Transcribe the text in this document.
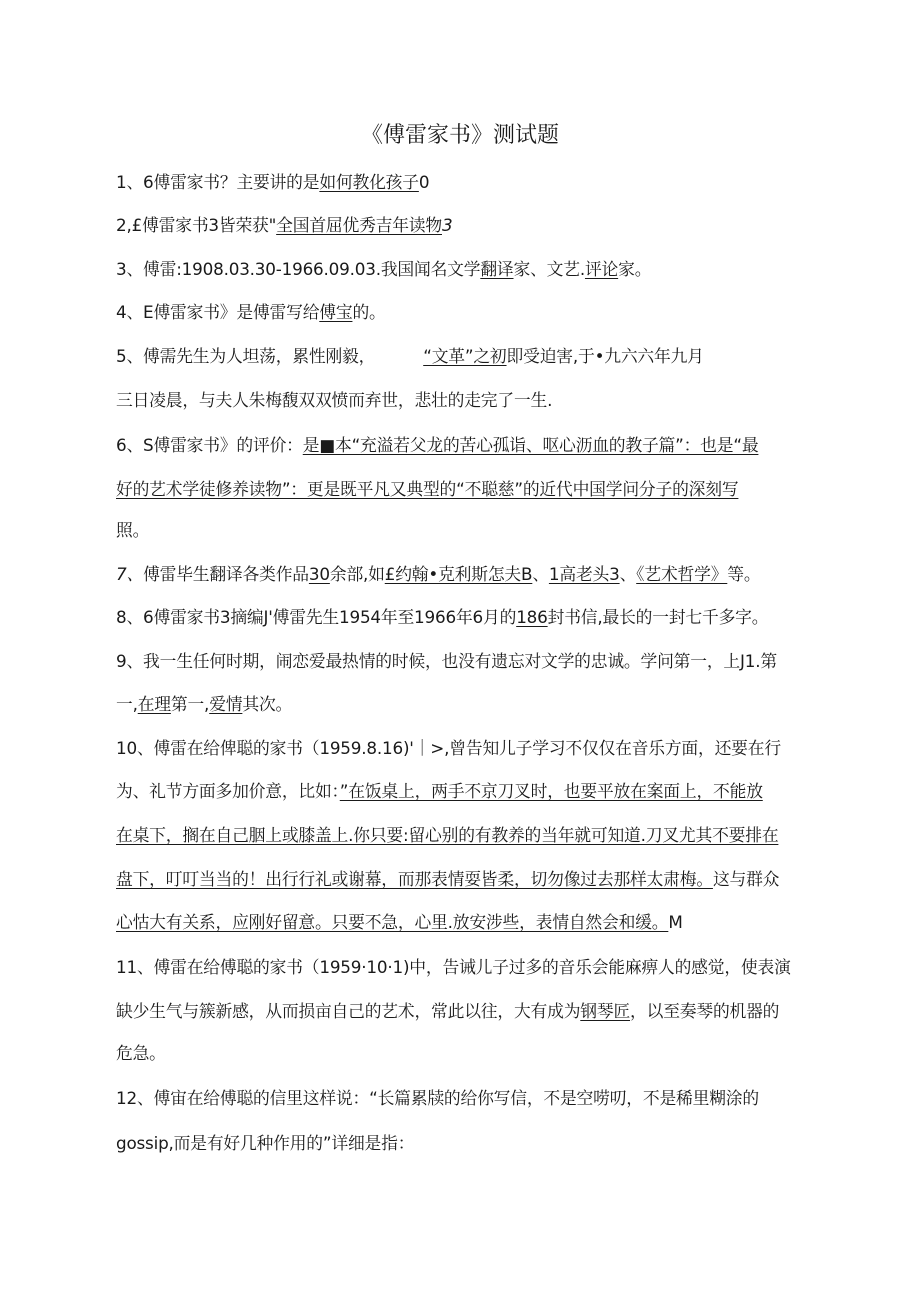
《傅雷家书》测试题
1、6傅雷家书？主要讲的是如何教化孩子0
2,£傅雷家书3皆荣获"全国首屈优秀吉年读物3
3、傅雷:1908.03.30-1966.09.03.我国闻名文学翻译家、文艺.评论家。
4、E傅雷家书》是傅雷写给傅宝的。
5、傅需先生为人坦荡，累性刚毅，	“文革”之初即受迫害,于•九六六年九月
三日凌晨，与夫人朱梅馥双双愤而弃世，悲壮的走完了一生.
6、S傅雷家书》的评价：是■本“充溢若父龙的苦心孤诣、呕心沥血的教子篇”：也是“最
好的艺术学徒修养读物”：更是既平凡又典型的“不聪慈”的近代中国学问分子的深刻写
照。
7、傅雷毕生翻译各类作品30余部,如£约翰•克利斯怎夫B、1高老头3、《艺术哲学》等。
8、6傅雷家书3摘编J'傅雷先生1954年至1966年6月的186封书信,最长的一封七千多字。
9、我一生任何时期，闹恋爱最热情的时候，也没有遗忘对文学的忠诚。学问第一，上J1.第
一,在理第一,爱情其次。
10、傅雷在给俾聪的家书（1959.8.16)'｜>,曾告知儿子学习不仅仅在音乐方面，还要在行
为、礼节方面多加价意，比如：”在饭桌上，两手不京刀叉时，也要平放在案面上，不能放
在桌下，搁在自己胭上或膝盖上.你只要:留心别的有教养的当年就可知道.刀叉尤其不要排在
盘下，叮叮当当的！出行行礼或谢幕，而那表情耍皆柔，切勿像过去那样太肃梅。这与群众
心怙大有关系，应刚好留意。只要不急，心里.放安涉些，表情自然会和缓。M
11、傅雷在给傅聪的家书（1959·10·1)中，告诫儿子过多的音乐会能麻痹人的感觉，使表演
缺少生气与簇新感，从而损亩自己的艺术，常此以往，大有成为钢琴匠，以至奏琴的机器的
危急。
12、傅宙在给傅聪的信里这样说：“长篇累牍的给你写信，不是空唠叨，不是稀里糊涂的
gossip,而是有好几种作用的”详细是指：
